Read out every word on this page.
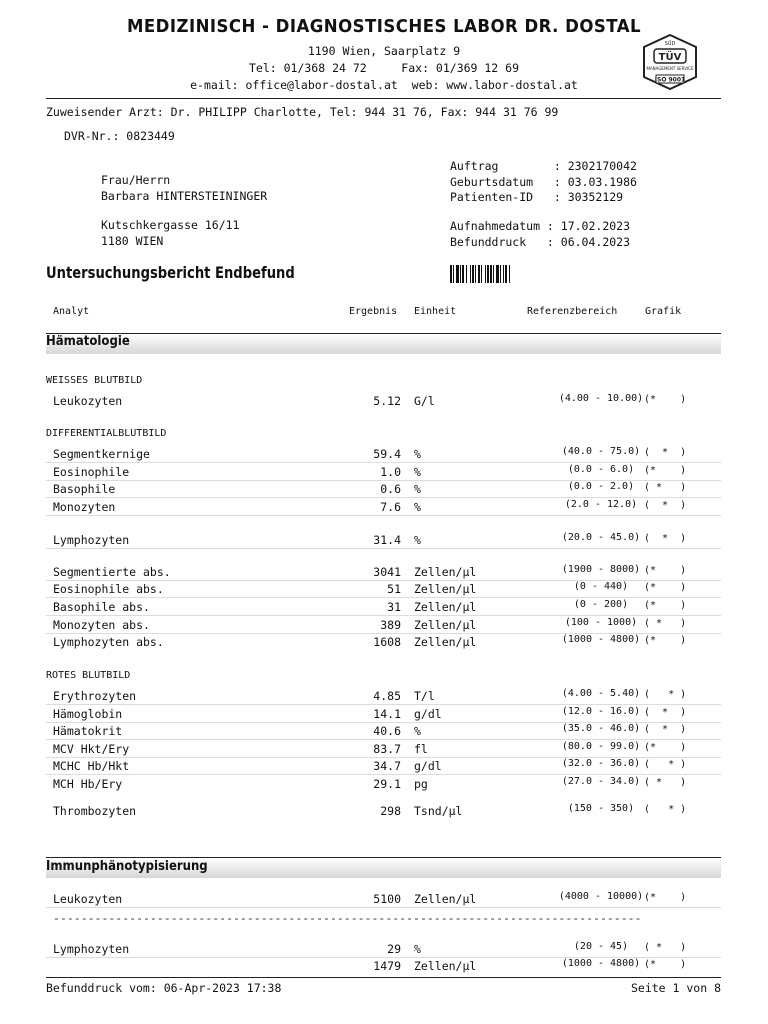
MEDIZINISCH - DIAGNOSTISCHES LABOR DR. DOSTAL
1190 Wien, Saarplatz 9
Tel: 01/368 24 72     Fax: 01/369 12 69
e-mail: office@labor-dostal.at  web: www.labor-dostal.at
SÜD
TÜV
MANAGEMENT SERVICE
ISO 9001
Zuweisender Arzt: Dr. PHILIPP Charlotte, Tel: 944 31 76, Fax: 944 31 76 99
DVR-Nr.: 0823449
Frau/Herrn
Barbara HINTERSTEININGER
Kutschkergasse 16/11
1180 WIEN
Auftrag        : 2302170042
Geburtsdatum   : 03.03.1986
Patienten-ID   : 30352129
Aufnahmedatum : 17.02.2023
Befunddruck   : 06.04.2023
Untersuchungsbericht Endbefund
Analyt	Ergebnis Einheit	Referenzbereich	Grafik
Hämatologie
WEISSES BLUTBILD
DIFFERENTIALBLUTBILD
ROTES BLUTBILD
Immunphänotypisierung
-------------------------------------------------------------------------------------
Leukozyten	5.12 G/l	(4.00 - 10.00) (*    )
Segmentkernige	59.4 %	(40.0 - 75.0) (  *  )
Eosinophile	1.0 %	(0.0 - 6.0) (*    )
Basophile	0.6 %	(0.0 - 2.0) ( *   )
Monozyten	7.6 %	(2.0 - 12.0) (  *  )
Lymphozyten	31.4 %	(20.0 - 45.0) (  *  )
Segmentierte abs.	3041 Zellen/µl	(1900 - 8000) (*    )
Eosinophile abs.	51 Zellen/µl	(0 - 440)	(*    )
Basophile abs.	31 Zellen/µl	(0 - 200)	(*    )
Monozyten abs.	389 Zellen/µl	(100 - 1000) ( *   )
Lymphozyten abs.	1608 Zellen/µl	(1000 - 4800) (*    )
Erythrozyten	4.85 T/l	(4.00 - 5.40) (   * )
Hämoglobin	14.1 g/dl	(12.0 - 16.0) (  *  )
Hämatokrit	40.6 %	(35.0 - 46.0) (  *  )
MCV Hkt/Ery	83.7 fl	(80.0 - 99.0) (*    )
MCHC Hb/Hkt	34.7 g/dl	(32.0 - 36.0) (   * )
MCH Hb/Ery	29.1 pg	(27.0 - 34.0) ( *   )
Thrombozyten	298 Tsnd/µl	(150 - 350) (   * )
Leukozyten	5100 Zellen/µl	(4000 - 10000) (*    )
Lymphozyten	29 %	(20 - 45)	( *   )
1479 Zellen/µl	(1000 - 4800) (*    )
Befunddruck vom: 06-Apr-2023 17:38	Seite 1 von 8
